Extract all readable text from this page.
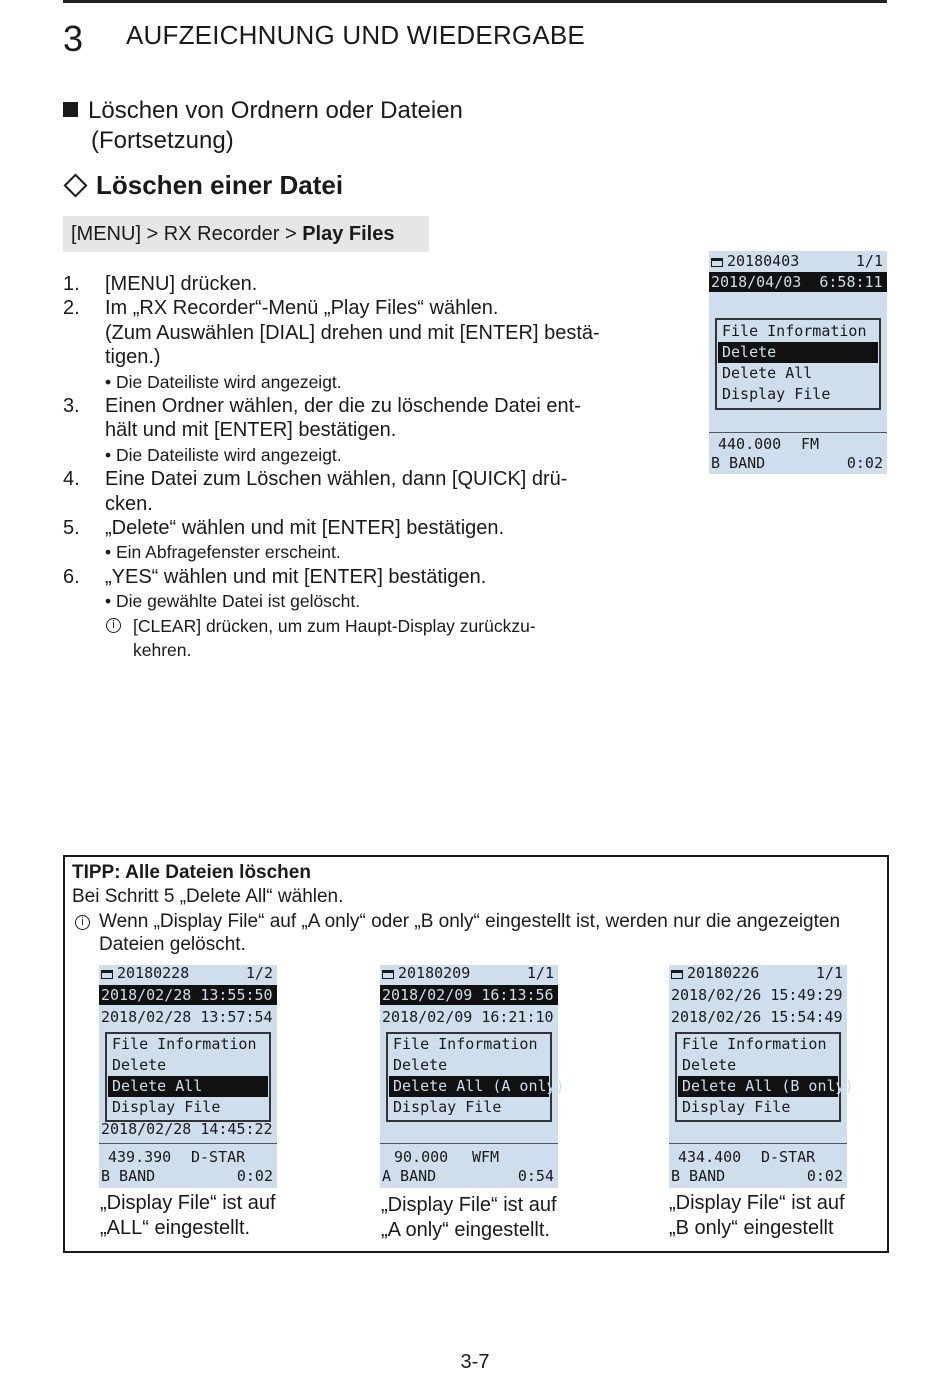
3 AUFZEICHNUNG UND WIEDERGABE
Löschen von Ordnern oder Dateien
(Fortsetzung)
Löschen einer Datei
[MENU] > RX Recorder > Play Files
1.	[MENU] drücken.
2.	Im „RX Recorder“-Menü „Play Files“ wählen.
(Zum Auswählen [DIAL] drehen und mit [ENTER] bestä-
tigen.)
• Die Dateiliste wird angezeigt.
3.	Einen Ordner wählen, der die zu löschende Datei ent-
hält und mit [ENTER] bestätigen.
• Die Dateiliste wird angezeigt.
4.	Eine Datei zum Löschen wählen, dann [QUICK] drü-
cken.
5.	„Delete“ wählen und mit [ENTER] bestätigen.
• Ein Abfragefenster erscheint.
6.	„YES“ wählen und mit [ENTER] bestätigen.
• Die gewählte Datei ist gelöscht.
i	[CLEAR] drücken, um zum Haupt-Display zurückzu-
kehren.
20180403	1/1
2018/04/03  6:58:11
File Information
Delete
Delete All
Display File
440.000 FM
B BAND	0:02
TIPP: Alle Dateien löschen
Bei Schritt 5 „Delete All“ wählen.
i Wenn „Display File“ auf „A only“ oder „B only“ eingestellt ist, werden nur die angezeigten Dateien gelöscht.
20180228	1/2
2018/02/28 13:55:50
2018/02/28 13:57:54
File Information
Delete
Delete All
Display File
2018/02/28 14:45:22
439.390 D-STAR
B BAND	0:02
„Display File“ ist auf
„ALL“ eingestellt.
20180209	1/1
2018/02/09 16:13:56
2018/02/09 16:21:10
File Information
Delete
Delete All (A only)
Display File
90.000 WFM
A BAND	0:54
„Display File“ ist auf
„A only“ eingestellt.
20180226	1/1
2018/02/26 15:49:29
2018/02/26 15:54:49
File Information
Delete
Delete All (B only)
Display File
434.400 D-STAR
B BAND	0:02
„Display File“ ist auf
„B only“ eingestellt
3-7
